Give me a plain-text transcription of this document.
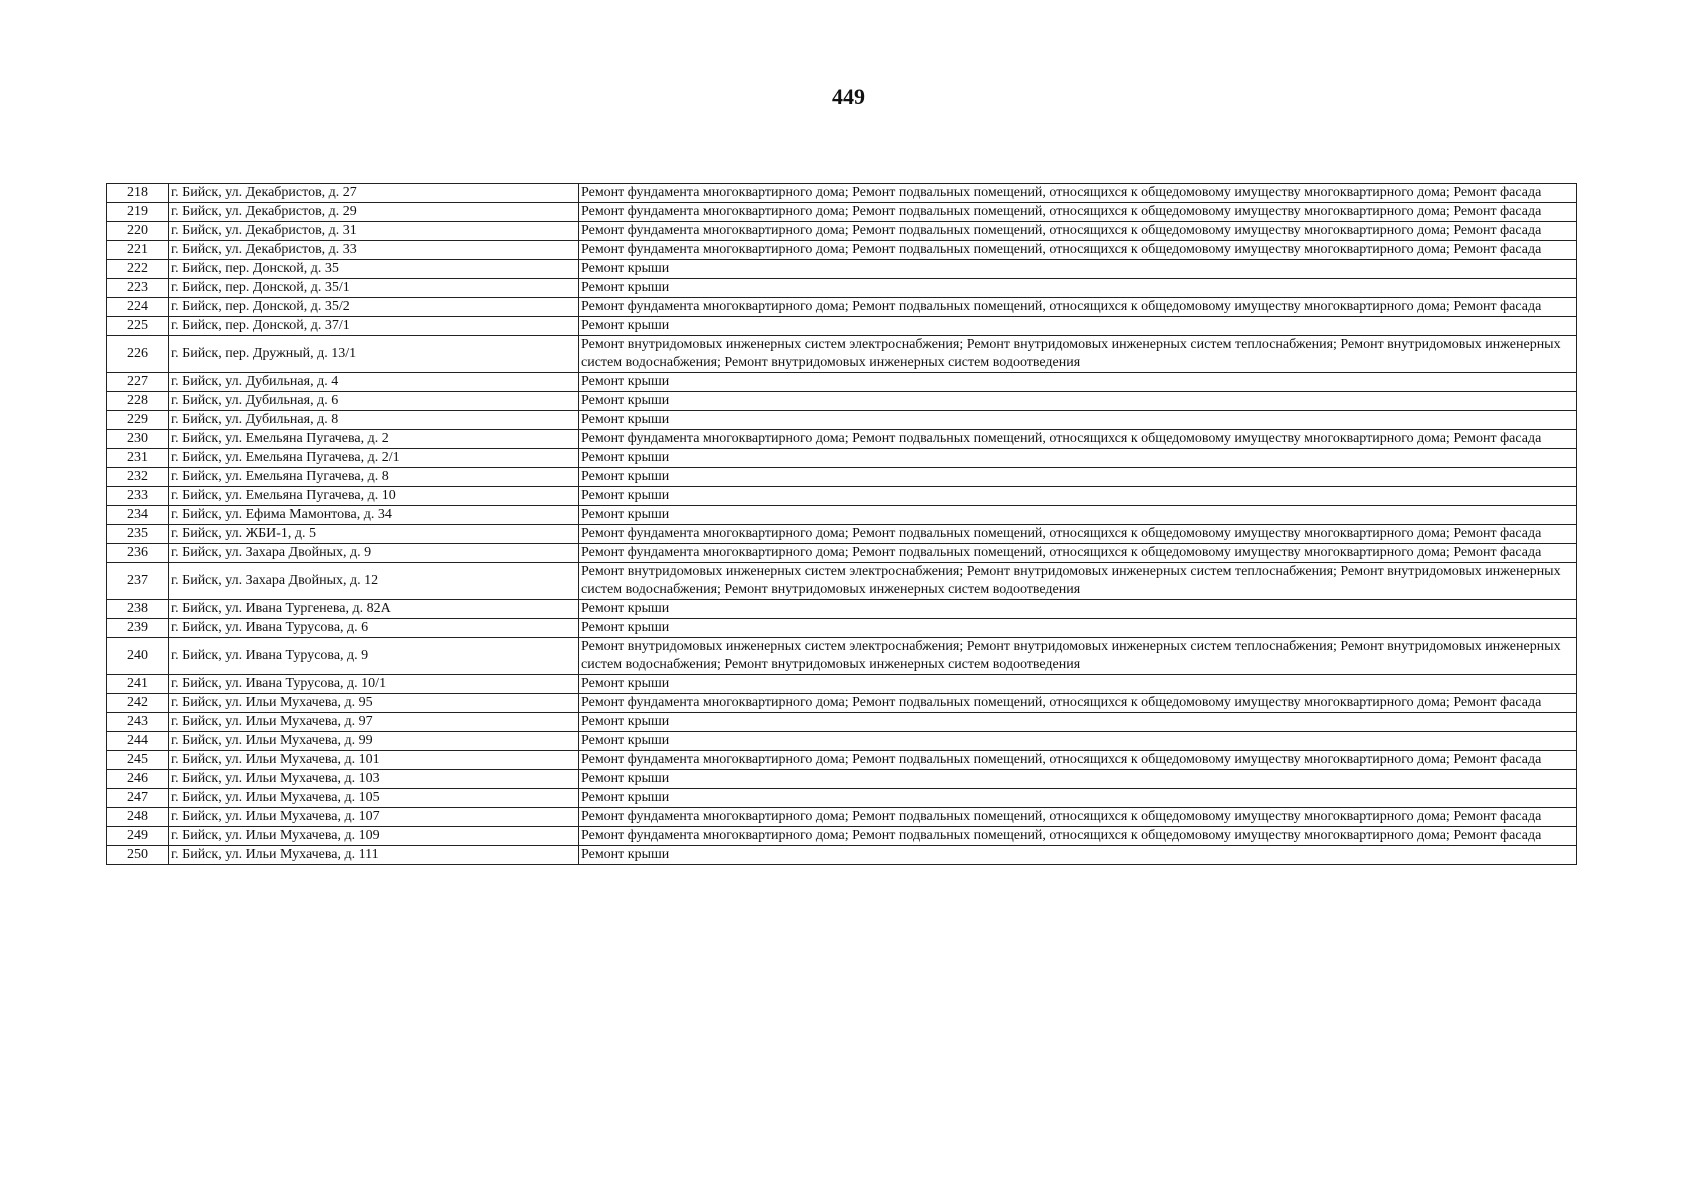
449
218	г. Бийск, ул. Декабристов, д. 27	Ремонт фундамента многоквартирного дома; Ремонт подвальных помещений, относящихся к общедомовому имуществу многоквартирного дома; Ремонт фасада
219	г. Бийск, ул. Декабристов, д. 29	Ремонт фундамента многоквартирного дома; Ремонт подвальных помещений, относящихся к общедомовому имуществу многоквартирного дома; Ремонт фасада
220	г. Бийск, ул. Декабристов, д. 31	Ремонт фундамента многоквартирного дома; Ремонт подвальных помещений, относящихся к общедомовому имуществу многоквартирного дома; Ремонт фасада
221	г. Бийск, ул. Декабристов, д. 33	Ремонт фундамента многоквартирного дома; Ремонт подвальных помещений, относящихся к общедомовому имуществу многоквартирного дома; Ремонт фасада
222	г. Бийск, пер. Донской, д. 35	Ремонт крыши
223	г. Бийск, пер. Донской, д. 35/1	Ремонт крыши
224	г. Бийск, пер. Донской, д. 35/2	Ремонт фундамента многоквартирного дома; Ремонт подвальных помещений, относящихся к общедомовому имуществу многоквартирного дома; Ремонт фасада
225	г. Бийск, пер. Донской, д. 37/1	Ремонт крыши
226	г. Бийск, пер. Дружный, д. 13/1	Ремонт внутридомовых инженерных систем электроснабжения; Ремонт внутридомовых инженерных систем теплоснабжения; Ремонт внутридомовых инженерных систем водоснабжения; Ремонт внутридомовых инженерных систем водоотведения
227	г. Бийск, ул. Дубильная, д. 4	Ремонт крыши
228	г. Бийск, ул. Дубильная, д. 6	Ремонт крыши
229	г. Бийск, ул. Дубильная, д. 8	Ремонт крыши
230	г. Бийск, ул. Емельяна Пугачева, д. 2	Ремонт фундамента многоквартирного дома; Ремонт подвальных помещений, относящихся к общедомовому имуществу многоквартирного дома; Ремонт фасада
231	г. Бийск, ул. Емельяна Пугачева, д. 2/1	Ремонт крыши
232	г. Бийск, ул. Емельяна Пугачева, д. 8	Ремонт крыши
233	г. Бийск, ул. Емельяна Пугачева, д. 10	Ремонт крыши
234	г. Бийск, ул. Ефима Мамонтова, д. 34	Ремонт крыши
235	г. Бийск, ул. ЖБИ-1, д. 5	Ремонт фундамента многоквартирного дома; Ремонт подвальных помещений, относящихся к общедомовому имуществу многоквартирного дома; Ремонт фасада
236	г. Бийск, ул. Захара Двойных, д. 9	Ремонт фундамента многоквартирного дома; Ремонт подвальных помещений, относящихся к общедомовому имуществу многоквартирного дома; Ремонт фасада
237	г. Бийск, ул. Захара Двойных, д. 12	Ремонт внутридомовых инженерных систем электроснабжения; Ремонт внутридомовых инженерных систем теплоснабжения; Ремонт внутридомовых инженерных систем водоснабжения; Ремонт внутридомовых инженерных систем водоотведения
238	г. Бийск, ул. Ивана Тургенева, д. 82А	Ремонт крыши
239	г. Бийск, ул. Ивана Турусова, д. 6	Ремонт крыши
240	г. Бийск, ул. Ивана Турусова, д. 9	Ремонт внутридомовых инженерных систем электроснабжения; Ремонт внутридомовых инженерных систем теплоснабжения; Ремонт внутридомовых инженерных систем водоснабжения; Ремонт внутридомовых инженерных систем водоотведения
241	г. Бийск, ул. Ивана Турусова, д. 10/1	Ремонт крыши
242	г. Бийск, ул. Ильи Мухачева, д. 95	Ремонт фундамента многоквартирного дома; Ремонт подвальных помещений, относящихся к общедомовому имуществу многоквартирного дома; Ремонт фасада
243	г. Бийск, ул. Ильи Мухачева, д. 97	Ремонт крыши
244	г. Бийск, ул. Ильи Мухачева, д. 99	Ремонт крыши
245	г. Бийск, ул. Ильи Мухачева, д. 101	Ремонт фундамента многоквартирного дома; Ремонт подвальных помещений, относящихся к общедомовому имуществу многоквартирного дома; Ремонт фасада
246	г. Бийск, ул. Ильи Мухачева, д. 103	Ремонт крыши
247	г. Бийск, ул. Ильи Мухачева, д. 105	Ремонт крыши
248	г. Бийск, ул. Ильи Мухачева, д. 107	Ремонт фундамента многоквартирного дома; Ремонт подвальных помещений, относящихся к общедомовому имуществу многоквартирного дома; Ремонт фасада
249	г. Бийск, ул. Ильи Мухачева, д. 109	Ремонт фундамента многоквартирного дома; Ремонт подвальных помещений, относящихся к общедомовому имуществу многоквартирного дома; Ремонт фасада
250	г. Бийск, ул. Ильи Мухачева, д. 111	Ремонт крыши
